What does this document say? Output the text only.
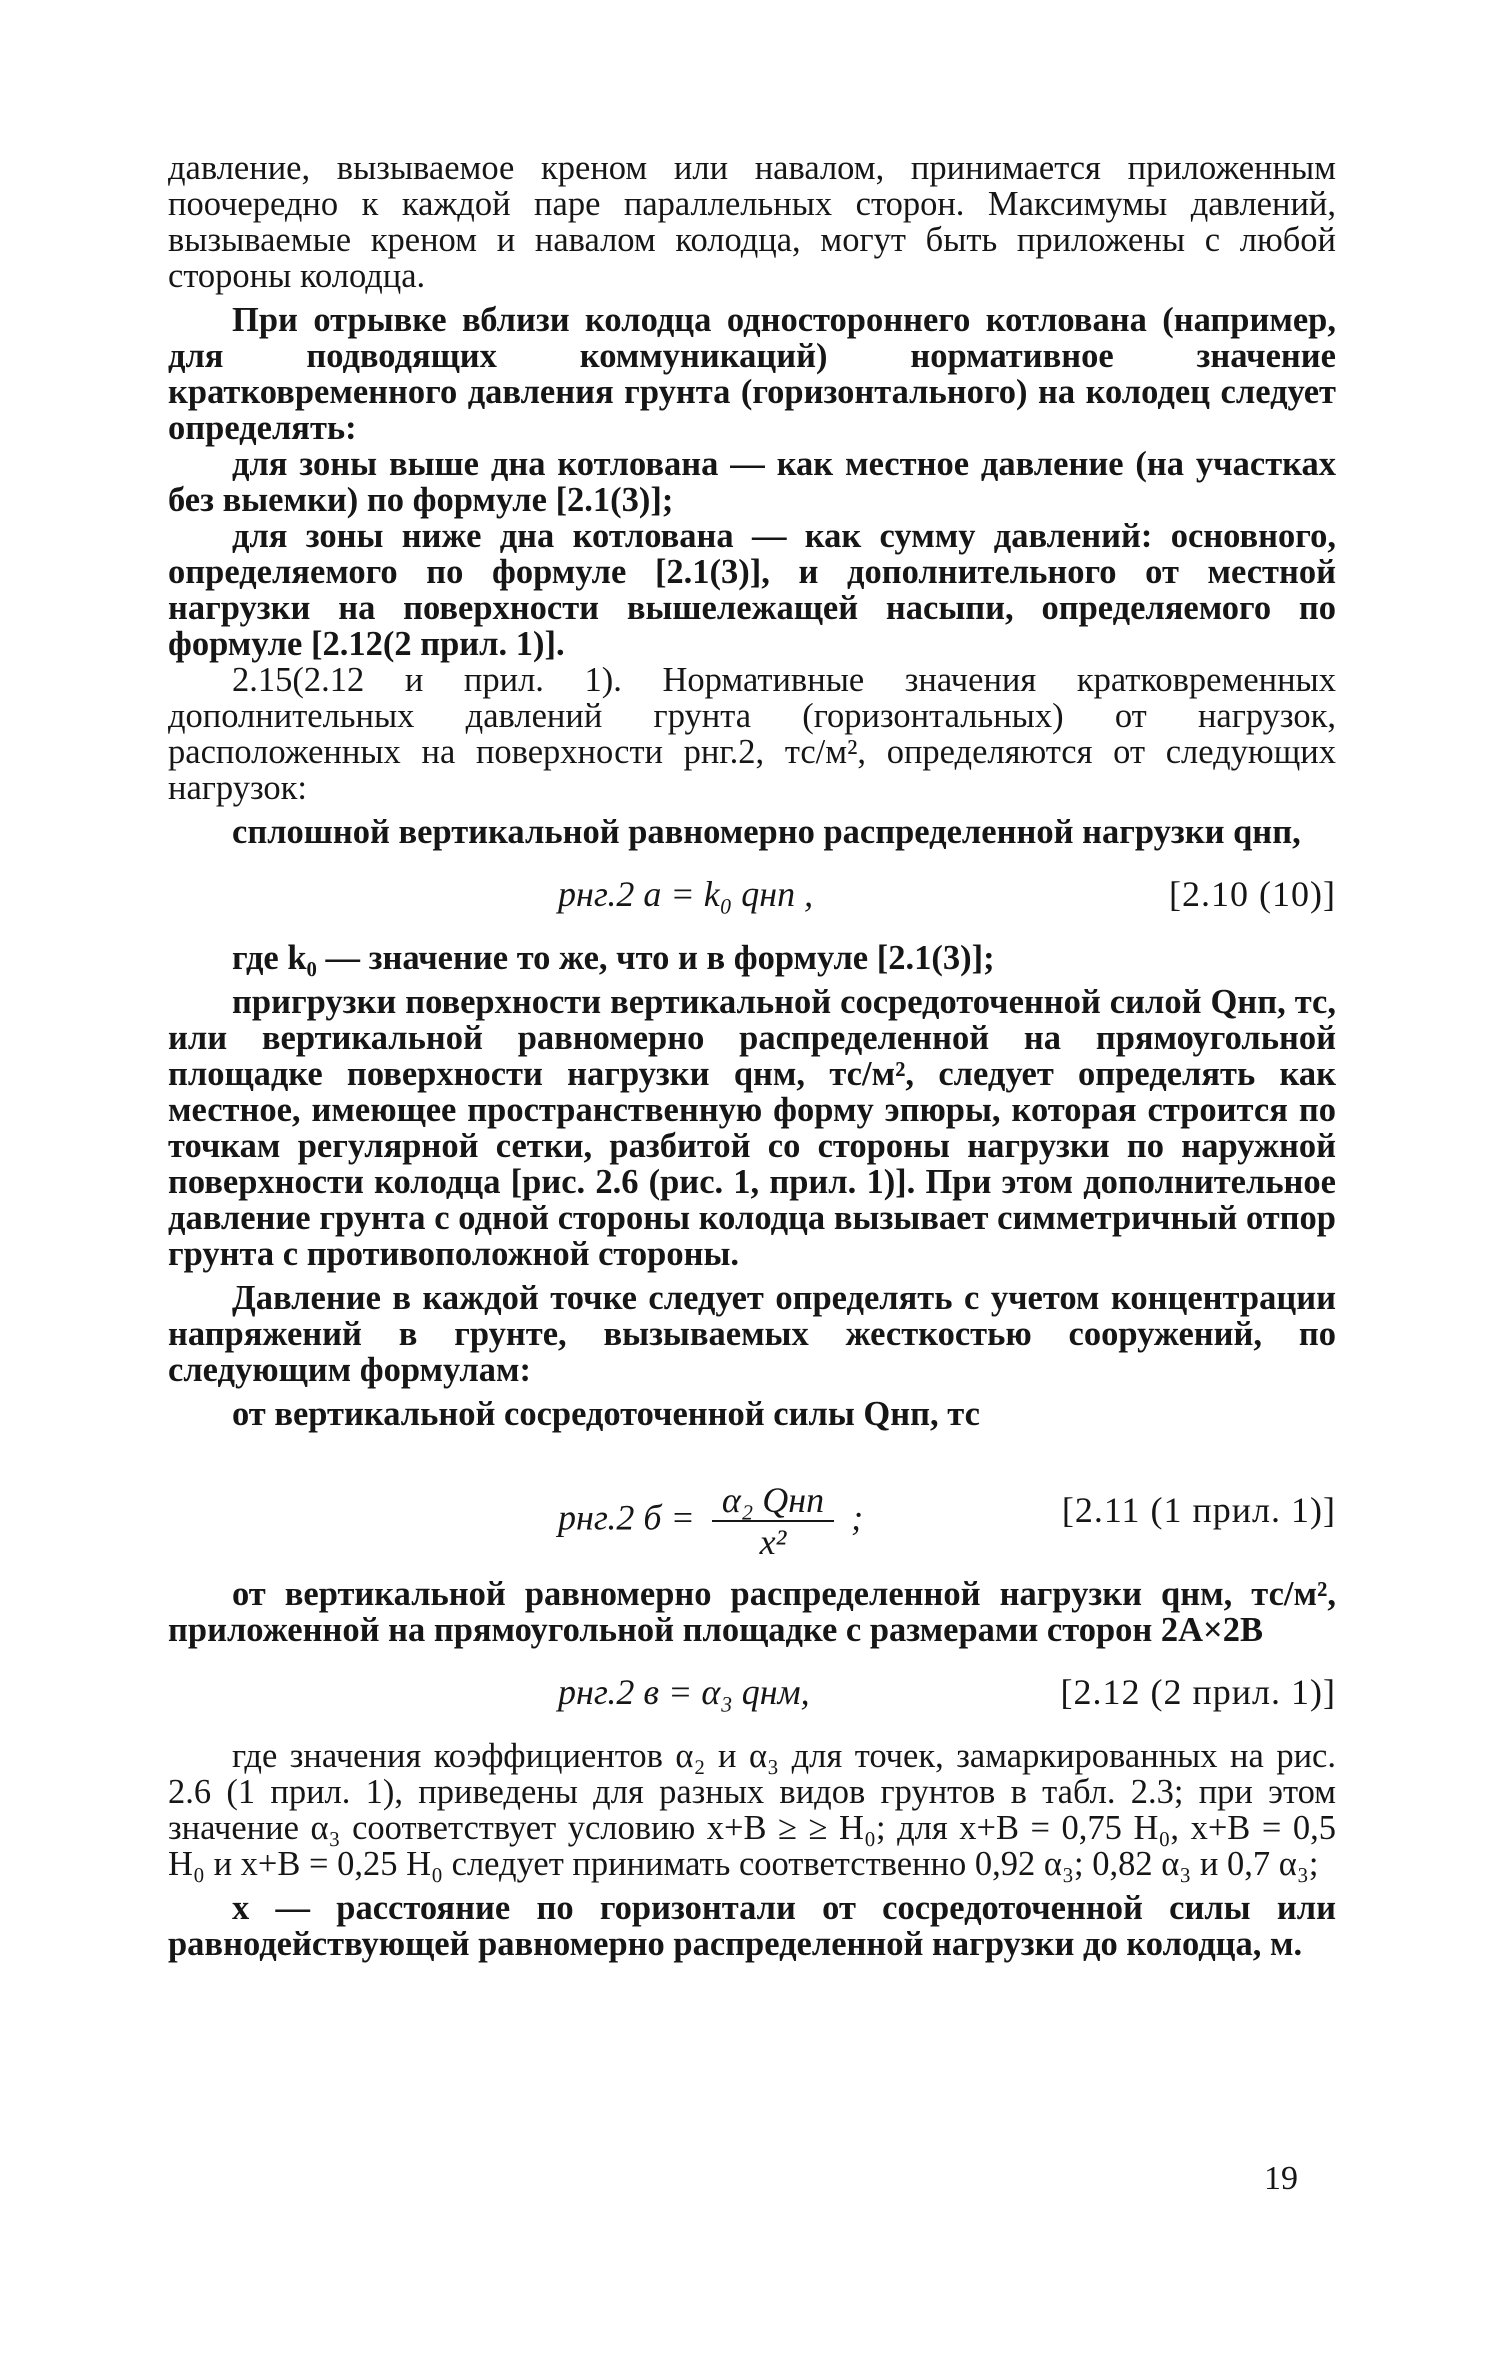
давление, вызываемое креном или навалом, принимается приложенным поочередно к каждой паре параллельных сторон. Максимумы давлений, вызываемые креном и навалом колодца, могут быть приложены с любой стороны колодца.

При отрывке вблизи колодца одностороннего котлована (например, для подводящих коммуникаций) нормативное значение кратковременного давления грунта (горизонтального) на колодец следует определять:

для зоны выше дна котлована — как местное давление (на участках без выемки) по формуле [2.1(3)];

для зоны ниже дна котлована — как сумму давлений: основного, определяемого по формуле [2.1(3)], и дополнительного от местной нагрузки на поверхности вышележащей насыпи, определяемого по формуле [2.12(2 прил. 1)].

2.15(2.12 и прил. 1). Нормативные значения кратковременных дополнительных давлений грунта (горизонтальных) от нагрузок, расположенных на поверхности pнг.2, тс/м², определяются от следующих нагрузок:

сплошной вертикальной равномерно распределенной нагрузки qнп,

pнг.2 а = k₀ qнп ,	[2.10 (10)]

где k₀ — значение то же, что и в формуле [2.1(3)];

пригрузки поверхности вертикальной сосредоточенной силой Qнп, тс, или вертикальной равномерно распределенной на прямоугольной площадке поверхности нагрузки qнм, тс/м², следует определять как местное, имеющее пространственную форму эпюры, которая строится по точкам регулярной сетки, разбитой со стороны нагрузки по наружной поверхности колодца [рис. 2.6 (рис. 1, прил. 1)]. При этом дополнительное давление грунта с одной стороны колодца вызывает симметричный отпор грунта с противоположной стороны.

Давление в каждой точке следует определять с учетом концентрации напряжений в грунте, вызываемых жесткостью сооружений, по следующим формулам:

от вертикальной сосредоточенной силы Qнп, тс

pнг.2 $б = \frac{\text{α₂ Qнп}}{\text{x²}}$ ;	[2.11 (1 прил. 1)]

от вертикальной равномерно распределенной нагрузки qнм, тс/м², приложенной на прямоугольной площадке с размерами сторон 2А×2В

pнг.2 в = α₃ qнм,	[2.12 (2 прил. 1)]

где значения коэффициентов α₂ и α₃ для точек, замаркированных на рис. 2.6 (1 прил. 1), приведены для разных видов грунтов в табл. 2.3; при этом значение α₃ соответствует условию x+B ≥ ≥ H₀; для x+B = 0,75 H₀, x+B = 0,5 H₀ и x+B = 0,25 H₀ следует принимать соответственно 0,92 α₃; 0,82 α₃ и 0,7 α₃;

x — расстояние по горизонтали от сосредоточенной силы или равнодействующей равномерно распределенной нагрузки до колодца, м.

19
